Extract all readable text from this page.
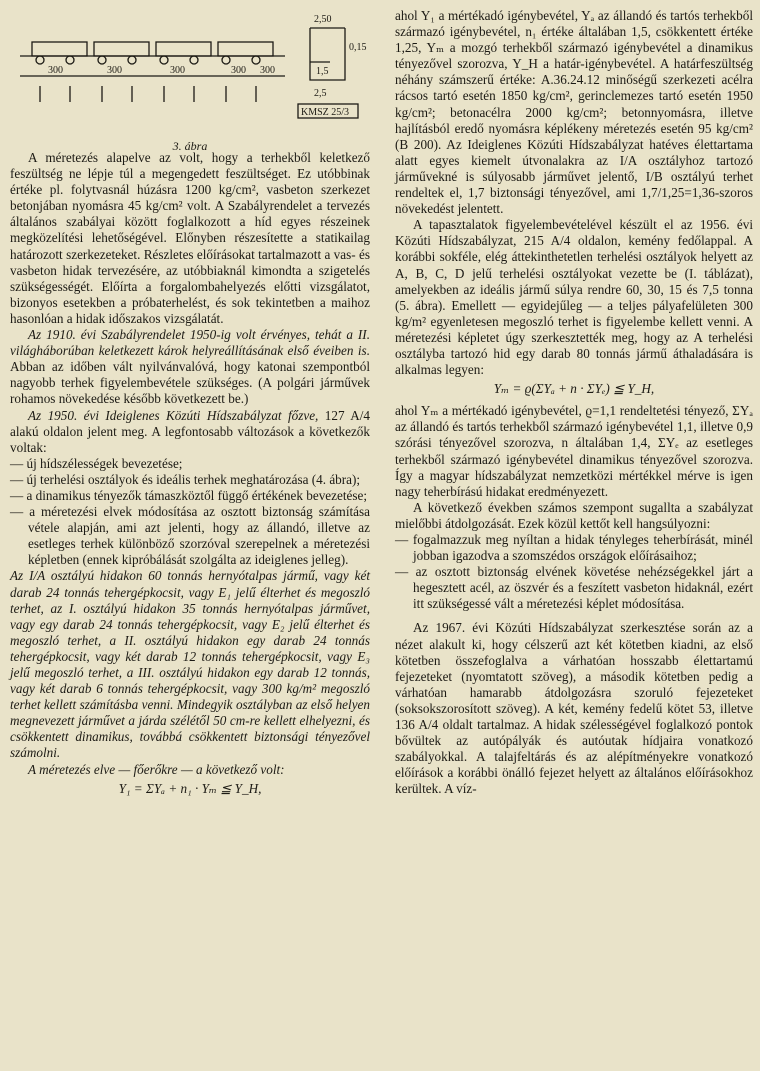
300	300	300	300 300
2,50
0,15
1,5
2,5
KMSZ 25/3
3. ábra

A méretezés alapelve az volt, hogy a terhekből keletkező feszültség ne lépje túl a megengedett feszültséget. Ez utóbbinak értéke pl. folytvasnál húzásra 1200 kg/cm², vasbeton szerkezet betonjában nyomásra 45 kg/cm² volt. A Szabályrendelet a tervezés általános szabályai között foglalkozott a híd egyes részeinek megközelítési lehetőségével. Előnyben részesítette a statikailag határozott szerkezeteket. Részletes előírásokat tartalmazott a vas- és vasbeton hidak tervezésére, az utóbbiaknál kimondta a szigetelés szükségességét. Előírta a forgalombahelyezés előtti vizsgálatot, bizonyos esetekben a próbaterhelést, és sok tekintetben a maihoz hasonlóan a hidak időszakos vizsgálatát.

Az 1910. évi Szabályrendelet 1950-ig volt érvényes, tehát a II. világháborúban keletkezett károk helyreállításának első éveiben is. Abban az időben vált nyilvánvalóvá, hogy katonai szempontból nagyobb terhek figyelembevétele szükséges. (A polgári járművek rohamos növekedése később következett be.)

Az 1950. évi Ideiglenes Közúti Hídszabályzat főzve, 127 A/4 alakú oldalon jelent meg. A legfontosabb változások a következők voltak:

— új hídszélességek bevezetése;
— új terhelési osztályok és ideális terhek meghatározása (4. ábra);
— a dinamikus tényezők támaszköztől függő értékének bevezetése;
— a méretezési elvek módosítása az osztott biztonság számítása vétele alapján, ami azt jelenti, hogy az állandó, illetve az esetleges terhek különböző szorzóval szerepelnek a méretezési képletben (ennek kipróbálását szolgálta az ideiglenes jelleg).

Az I/A osztályú hidakon 60 tonnás hernyótalpas jármű, vagy két darab 24 tonnás tehergépkocsit, vagy E₁ jelű élterhet és megoszló terhet, az I. osztályú hidakon 35 tonnás hernyótalpas járművet, vagy egy darab 24 tonnás tehergépkocsit, vagy E₂ jelű élterhet és megoszló terhet, a II. osztályú hidakon egy darab 24 tonnás tehergépkocsit, vagy két darab 12 tonnás tehergépkocsit, vagy E₃ jelű megoszló terhet, a III. osztályú hidakon egy darab 12 tonnás, vagy két darab 6 tonnás tehergépkocsit, vagy 300 kg/m² megoszló terhet kellett számításba venni. Mindegyik osztályban az első helyen megnevezett járművet a járda szélétől 50 cm-re kellett elhelyezni, és csökkentett dinamikus, továbbá csökkentett biztonsági tényezővel számolni.

A méretezés elve — főerőkre — a következő volt:

Y₁ = ΣYₐ + n₁ · Yₘ ≦ Y_H,

ahol Y₁ a mértékadó igénybevétel, Yₐ az állandó és tartós terhekből származó igénybevétel, n₁ értéke általában 1,5, csökkentett értéke 1,25, Yₘ a mozgó terhekből származó igénybevétel a dinamikus tényezővel szorozva, Y_H a határ-igénybevétel. A határfeszültség néhány számszerű értéke: A.36.24.12 minőségű szerkezeti acélra rácsos tartó esetén 1850 kg/cm², gerinclemezes tartó esetén 1950 kg/cm²; betonacélra 2000 kg/cm²; betonnyomásra, illetve hajlításból eredő nyomásra képlékeny méretezés esetén 95 kg/cm² (B 200). Az Ideiglenes Közúti Hídszabályzat hatéves élettartama alatt egyes kiemelt útvonalakra az I/A osztályhoz tartozó járművekné is súlyosabb járművet jelentő, I/B osztályú terhet rendeltek el, 1,7 biztonsági tényezővel, ami 1,7/1,25=1,36-szoros növekedést jelentett.

A tapasztalatok figyelembevételével készült el az 1956. évi Közúti Hídszabályzat, 215 A/4 oldalon, kemény fedőlappal. A korábbi sokféle, elég áttekinthetetlen terhelési osztályok helyett az A, B, C, D jelű terhelési osztályokat vezette be (I. táblázat), amelyekben az ideális jármű súlya rendre 60, 30, 15 és 7,5 tonna (5. ábra). Emellett — egyidejűleg — a teljes pályafelületen 300 kg/m² egyenletesen megoszló terhet is figyelembe kellett venni. A méretezési képletet úgy szerkesztették meg, hogy az A terhelési osztályba tartozó hid egy darab 80 tonnás jármű áthaladására is alkalmas legyen:

Yₘ = ϱ(ΣYₐ + n · ΣYₑ) ≦ Y_H,

ahol Yₘ a mértékadó igénybevétel, ϱ=1,1 rendeltetési tényező, ΣYₐ az állandó és tartós terhekből származó igénybevétel 1,1, illetve 0,9 szórási tényezővel szorozva, n általában 1,4, ΣYₑ az esetleges terhekből származó igénybevétel dinamikus tényezővel szorozva. Így a magyar hídszabályzat nemzetközi mértékkel mérve is igen nagy teherbírású hidakat eredményezett.

A következő években számos szempont sugallta a szabályzat mielőbbi átdolgozását. Ezek közül kettőt kell hangsúlyozni:

— fogalmazzuk meg nyíltan a hidak tényleges teherbírását, minél jobban igazodva a szomszédos országok előírásaihoz;
— az osztott biztonság elvének követése nehézségekkel járt a hegesztett acél, az öszvér és a feszített vasbeton hidaknál, ezért itt szükségessé vált a méretezési képlet módosítása.

Az 1967. évi Közúti Hídszabályzat szerkesztése során az a nézet alakult ki, hogy célszerű azt két kötetben kiadni, az első kötetben összefoglalva a várhatóan hosszabb élettartamú fejezeteket (nyomtatott szöveg), a második kötetben pedig a várhatóan hamarabb átdolgozásra szoruló fejezeteket (soksokszorosított szöveg). A két, kemény fedelű kötet 53, illetve 136 A/4 oldalt tartalmaz. A hidak szélességével foglalkozó pontok bővültek az autópályák és autóutak hídjaira vonatkozó szabályokkal. A talajfeltárás és az alépítményekre vonatkozó előírások a korábbi önálló fejezet helyett az általános előírásokhoz kerültek. A víz-
